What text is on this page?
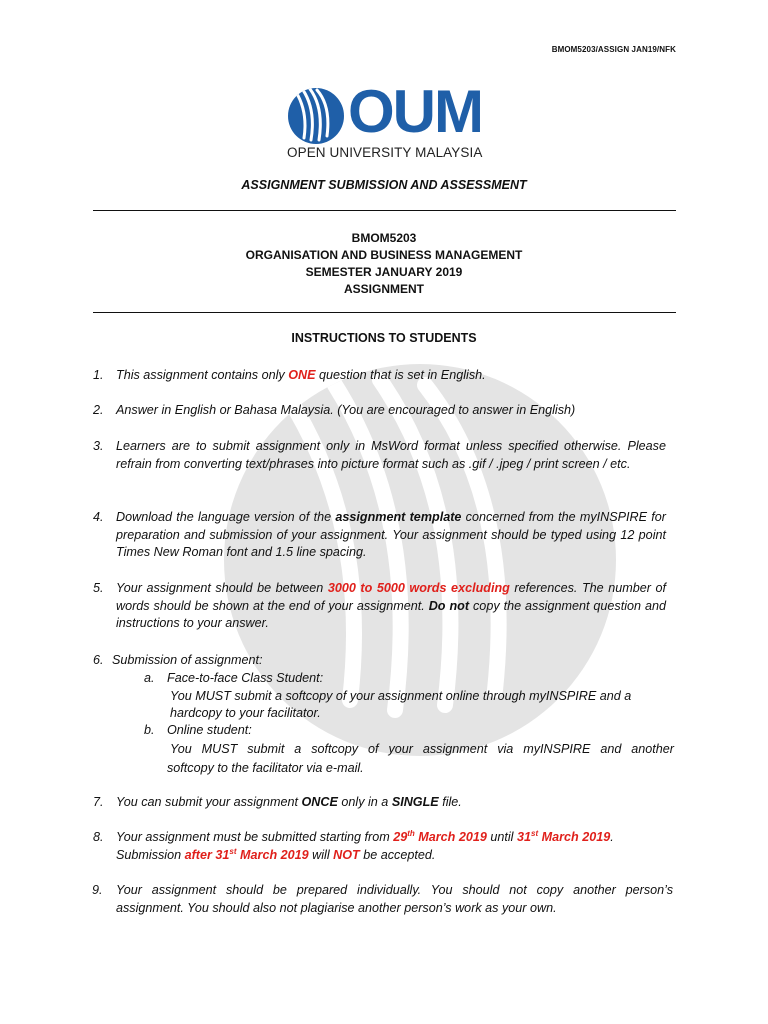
BMOM5203/ASSIGN JAN19/NFK
OUM
OPEN UNIVERSITY MALAYSIA
ASSIGNMENT SUBMISSION AND ASSESSMENT
BMOM5203
ORGANISATION AND BUSINESS MANAGEMENT
SEMESTER JANUARY 2019
ASSIGNMENT
INSTRUCTIONS TO STUDENTS
1. This assignment contains only ONE question that is set in English.
2. Answer in English or Bahasa Malaysia. (You are encouraged to answer in English)
3. Learners are to submit assignment only in MsWord format unless specified otherwise. Please refrain from converting text/phrases into picture format such as .gif / .jpeg / print screen / etc.
4. Download the language version of the assignment template concerned from the myINSPIRE for preparation and submission of your assignment. Your assignment should be typed using 12 point Times New Roman font and 1.5 line spacing.
5. Your assignment should be between 3000 to 5000 words excluding references. The number of words should be shown at the end of your assignment. Do not copy the assignment question and instructions to your answer.
6. Submission of assignment:
a. Face-to-face Class Student:
You MUST submit a softcopy of your assignment online through myINSPIRE and a
hardcopy to your facilitator.
b. Online student:
You MUST submit a softcopy of your assignment via myINSPIRE and another
softcopy to the facilitator via e-mail.
7. You can submit your assignment ONCE only in a SINGLE file.
8. Your assignment must be submitted starting from 29th March 2019 until 31st March 2019.
Submission after 31st March 2019 will NOT be accepted.
9. Your assignment should be prepared individually. You should not copy another person’s assignment. You should also not plagiarise another person’s work as your own.
